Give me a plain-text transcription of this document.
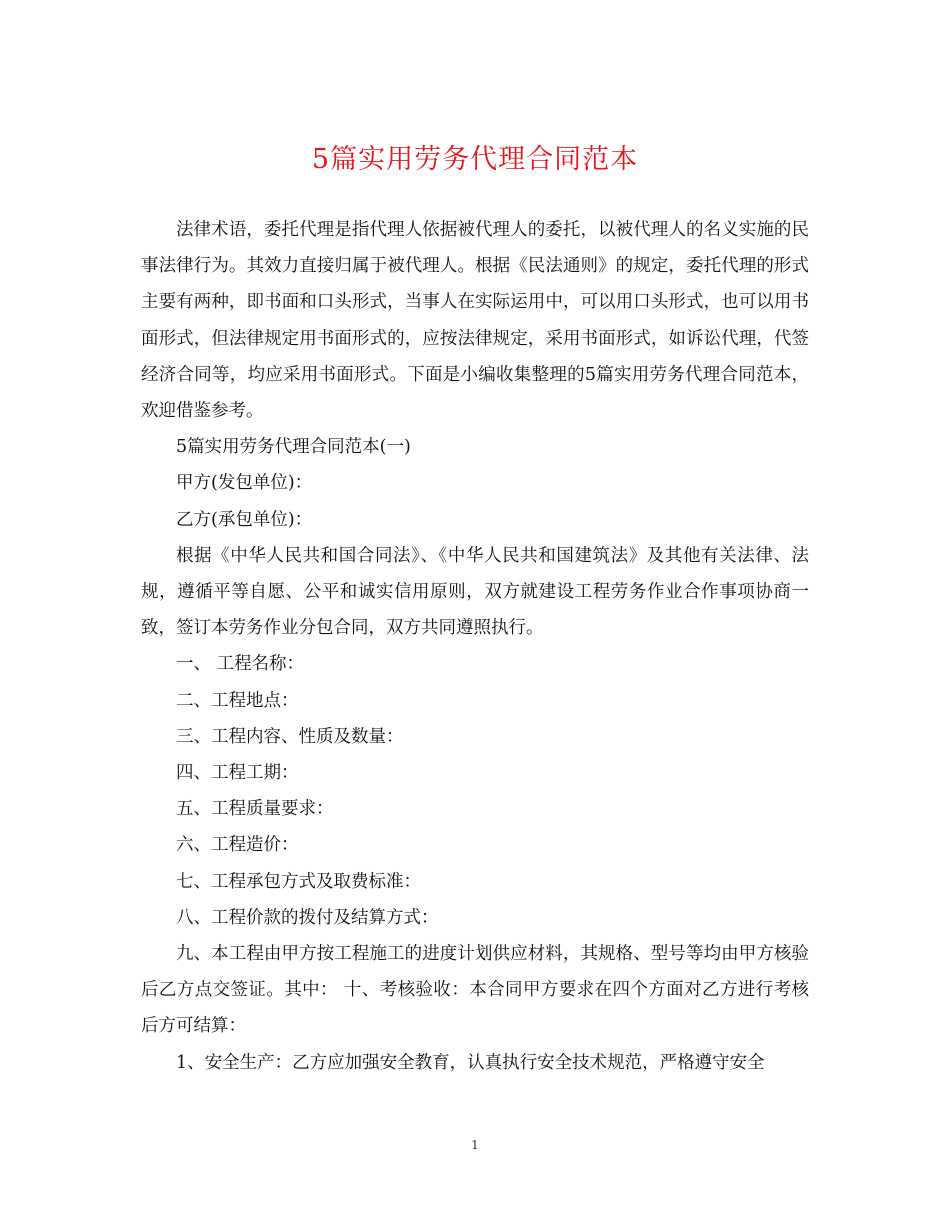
5篇实用劳务代理合同范本

法律术语，委托代理是指代理人依据被代理人的委托，以被代理人的名义实施的民事法律行为。其效力直接归属于被代理人。根据《民法通则》的规定，委托代理的形式主要有两种，即书面和口头形式，当事人在实际运用中，可以用口头形式，也可以用书面形式，但法律规定用书面形式的，应按法律规定，采用书面形式，如诉讼代理，代签经济合同等，均应采用书面形式。下面是小编收集整理的5篇实用劳务代理合同范本，欢迎借鉴参考。

5篇实用劳务代理合同范本(一)

甲方(发包单位)：

乙方(承包单位)：

根据《中华人民共和国合同法》、《中华人民共和国建筑法》及其他有关法律、法规，遵循平等自愿、公平和诚实信用原则，双方就建设工程劳务作业合作事项协商一致，签订本劳务作业分包合同，双方共同遵照执行。

一、 工程名称：

二、工程地点：

三、工程内容、性质及数量：

四、工程工期：

五、工程质量要求：

六、工程造价：

七、工程承包方式及取费标准：

八、工程价款的拨付及结算方式：

九、本工程由甲方按工程施工的进度计划供应材料，其规格、型号等均由甲方核验后乙方点交签证。其中： 十、考核验收：本合同甲方要求在四个方面对乙方进行考核后方可结算：

1、安全生产：乙方应加强安全教育，认真执行安全技术规范，严格遵守安全

1
